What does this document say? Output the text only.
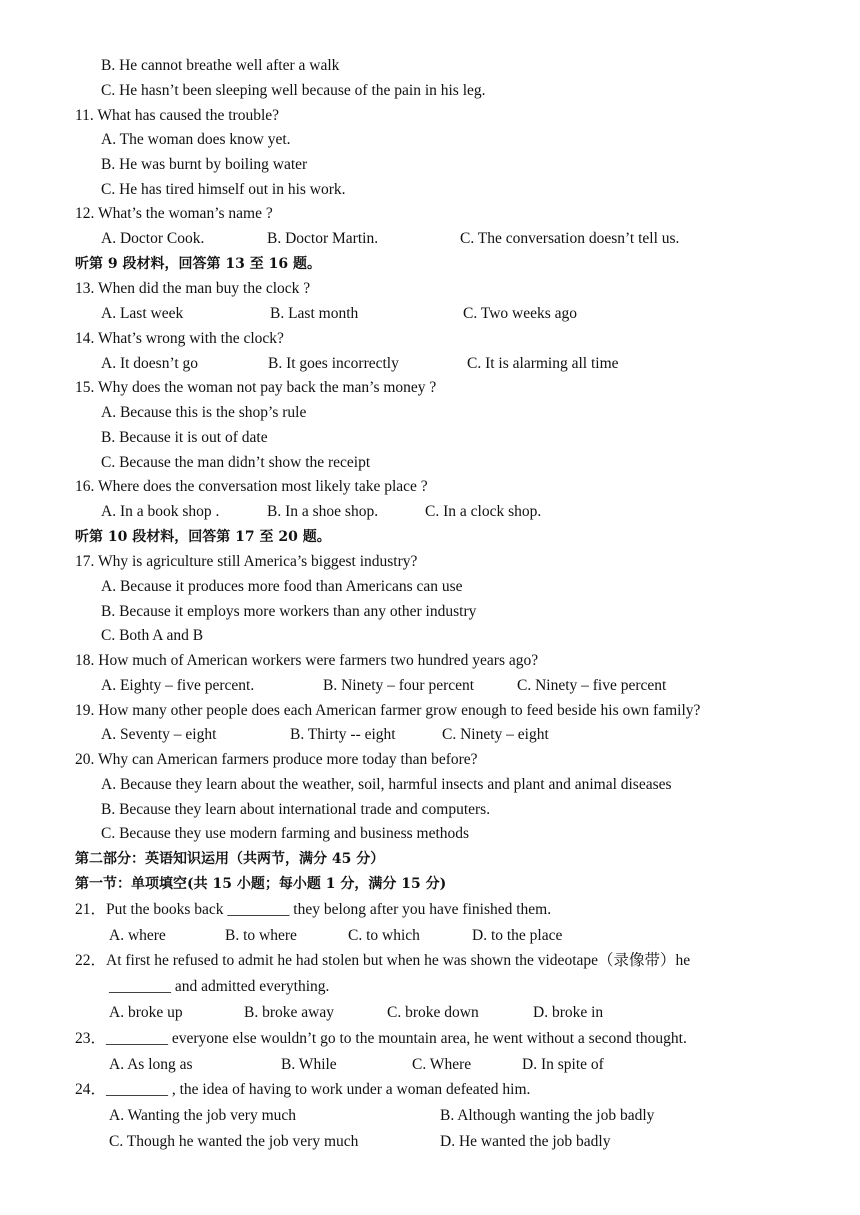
B. He cannot breathe well after a walk
C. He hasn’t been sleeping well because of the pain in his leg.
11. What has caused the trouble?
A. The woman does know yet.
B. He was burnt by boiling water
C. He has tired himself out in his work.
12. What’s the woman’s name ?
A. Doctor Cook.	B. Doctor Martin.	C. The conversation doesn’t tell us.
听第 9 段材料，回答第 13 至 16 题。
13. When did the man buy the clock ?
A. Last week	B. Last month	C. Two weeks ago
14. What’s wrong with the clock?
A. It doesn’t go	B. It goes incorrectly	C. It is alarming all time
15. Why does the woman not pay back the man’s money ?
A. Because this is the shop’s rule
B. Because it is out of date
C. Because the man didn’t show the receipt
16. Where does the conversation most likely take place ?
A. In a book shop .	B. In a shoe shop.	C. In a clock shop.
听第 10 段材料，回答第 17 至 20 题。
17. Why is agriculture still America’s biggest industry?
A. Because it produces more food than Americans can use
B. Because it employs more workers than any other industry
C. Both A and B
18. How much of American workers were farmers two hundred years ago?
A. Eighty – five percent.	B. Ninety – four percent	C. Ninety – five percent
19. How many other people does each American farmer grow enough to feed beside his own family?
A. Seventy – eight	B. Thirty -- eight	C. Ninety – eight
20. Why can American farmers produce more today than before?
A. Because they learn about the weather, soil, harmful insects and plant and animal diseases
B. Because they learn about international trade and computers.
C. Because they use modern farming and business methods
第二部分：英语知识运用（共两节，满分 45 分）
第一节：单项填空(共 15 小题；每小题 1 分，满分 15 分)
21．Put the books back ________ they belong after you have finished them.
A. where	B. to where	C. to which	D. to the place
22．At first he refused to admit he had stolen but when he was shown the videotape（录像带）he
________ and admitted everything.
A. broke up	B. broke away	C. broke down	D. broke in
23．________ everyone else wouldn’t go to the mountain area, he went without a second thought.
A. As long as	B. While	C. Where	D. In spite of
24．________ , the idea of having to work under a woman defeated him.
A. Wanting the job very much	B. Although wanting the job badly
C. Though he wanted the job very much	D. He wanted the job badly
